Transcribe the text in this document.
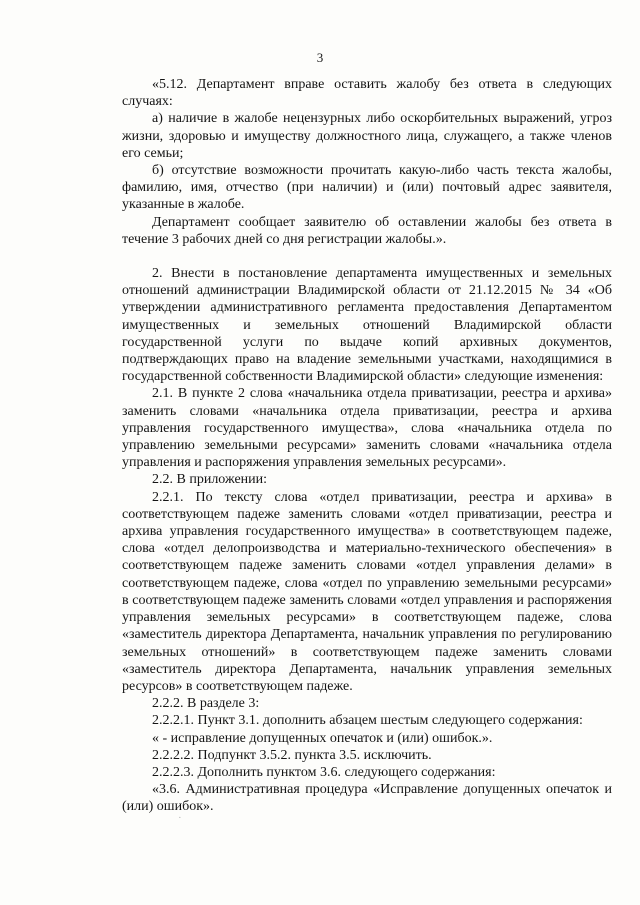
3

«5.12. Департамент вправе оставить жалобу без ответа в следующих случаях:

а) наличие в жалобе нецензурных либо оскорбительных выражений, угроз жизни, здоровью и имуществу должностного лица, служащего, а также членов его семьи;

б) отсутствие возможности прочитать какую-либо часть текста жалобы, фамилию, имя, отчество (при наличии) и (или) почтовый адрес заявителя, указанные в жалобе.

Департамент сообщает заявителю об оставлении жалобы без ответа в течение 3 рабочих дней со дня регистрации жалобы.».

2. Внести в постановление департамента имущественных и земельных отношений администрации Владимирской области от 21.12.2015 № 34 «Об утверждении административного регламента предоставления Департаментом имущественных и земельных отношений Владимирской области государственной услуги по выдаче копий архивных документов, подтверждающих право на владение земельными участками, находящимися в государственной собственности Владимирской области» следующие изменения:

2.1. В пункте 2 слова «начальника отдела приватизации, реестра и архива» заменить словами «начальника отдела приватизации, реестра и архива управления государственного имущества», слова «начальника отдела по управлению земельными ресурсами» заменить словами «начальника отдела управления и распоряжения управления земельных ресурсами».

2.2. В приложении:

2.2.1. По тексту слова «отдел приватизации, реестра и архива» в соответствующем падеже заменить словами «отдел приватизации, реестра и архива управления государственного имущества» в соответствующем падеже, слова «отдел делопроизводства и материально-технического обеспечения» в соответствующем падеже заменить словами «отдел управления делами» в соответствующем падеже, слова «отдел по управлению земельными ресурсами» в соответствующем падеже заменить словами «отдел управления и распоряжения управления земельных ресурсами» в соответствующем падеже, слова «заместитель директора Департамента, начальник управления по регулированию земельных отношений» в соответствующем падеже заменить словами «заместитель директора Департамента, начальник управления земельных ресурсов» в соответствующем падеже.

2.2.2. В разделе 3:

2.2.2.1. Пункт 3.1. дополнить абзацем шестым следующего содержания:

« - исправление допущенных опечаток и (или) ошибок.».

2.2.2.2. Подпункт 3.5.2. пункта 3.5. исключить.

2.2.2.3. Дополнить пунктом 3.6. следующего содержания:

«3.6. Административная процедура «Исправление допущенных опечаток и (или) ошибок».

·
